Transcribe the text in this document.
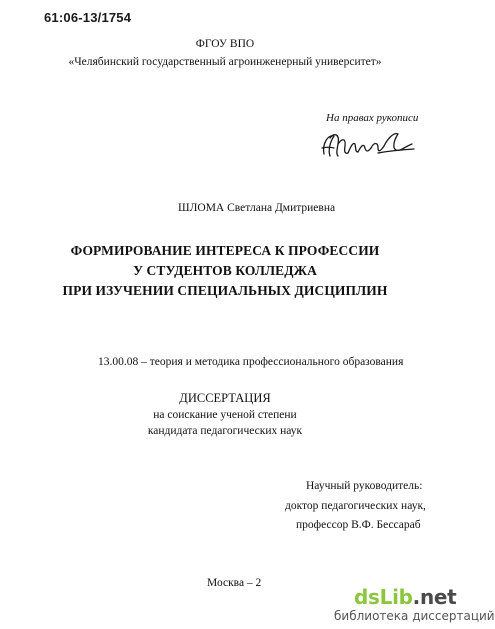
61:06-13/1754
ФГОУ ВПО
«Челябинский государственный агроинженерный университет»
На правах рукописи
ШЛОМА Светлана Дмитриевна
ФОРМИРОВАНИЕ ИНТЕРЕСА К ПРОФЕССИИ
У СТУДЕНТОВ КОЛЛЕДЖА
ПРИ ИЗУЧЕНИИ СПЕЦИАЛЬНЫХ ДИСЦИПЛИН
13.00.08 – теория и методика профессионального образования
ДИССЕРТАЦИЯ
на соискание ученой степени
кандидата педагогических наук
Научный руководитель:
доктор педагогических наук,
профессор В.Ф. Бессараб
Москва – 2
dsLib.net
библиотека диссертаций
